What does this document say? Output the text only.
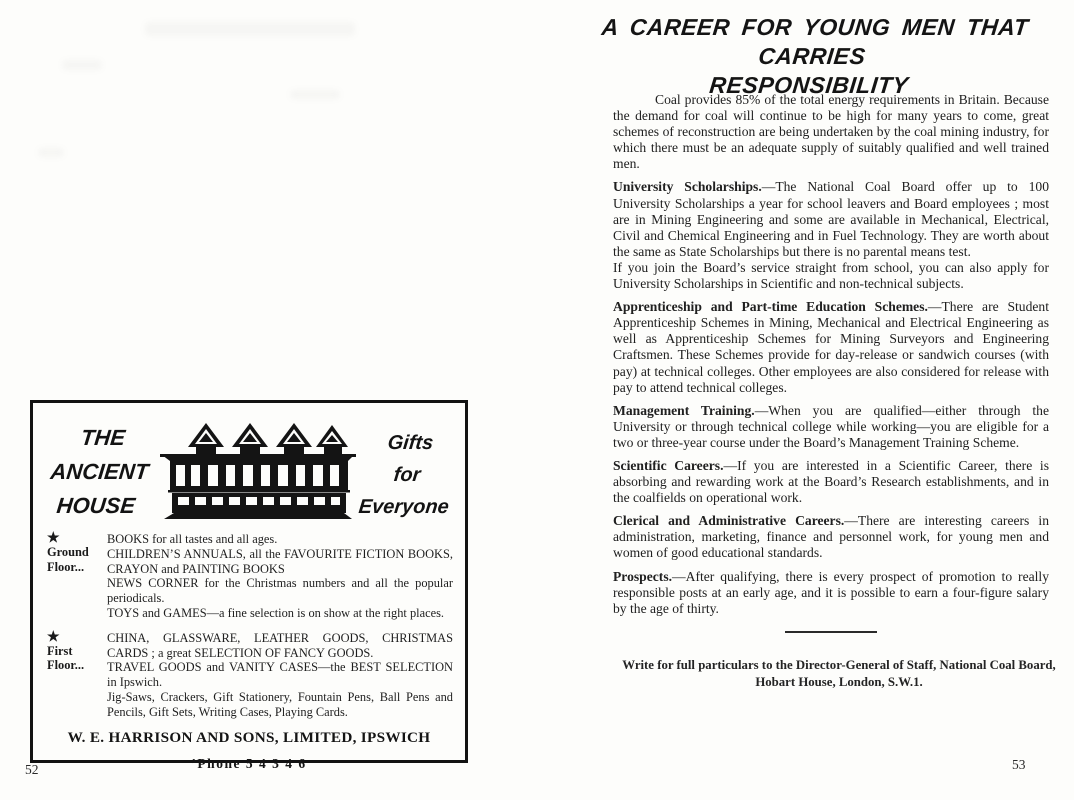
THE
ANCIENT
HOUSE
Gifts
for
Everyone
★
Ground
Floor...

BOOKS for all tastes and all ages.

CHILDREN’S ANNUALS, all the FAVOURITE FICTION BOOKS, CRAYON and PAINTING BOOKS

NEWS CORNER for the Christmas numbers and all the popular periodicals.

TOYS and GAMES—a fine selection is on show at the right places.

★
First
Floor...

CHINA, GLASSWARE, LEATHER GOODS, CHRISTMAS CARDS ; a great SELECTION OF FANCY GOODS.

TRAVEL GOODS and VANITY CASES—the BEST SELECTION in Ipswich.

Jig-Saws, Crackers, Gift Stationery, Fountain Pens, Ball Pens and Pencils, Gift Sets, Writing Cases, Playing Cards.

W. E. HARRISON AND SONS, LIMITED, IPSWICH
’Phone 5 4 3 4 6
52
A CAREER FOR YOUNG MEN THAT CARRIES
RESPONSIBILITY

Coal provides 85% of the total energy requirements in Britain. Because the demand for coal will continue to be high for many years to come, great schemes of reconstruction are being undertaken by the coal mining industry, for which there must be an adequate supply of suitably qualified and well trained men.

University Scholarships.—The National Coal Board offer up to 100 University Scholarships a year for school leavers and Board employees ; most are in Mining Engineering and some are available in Mechanical, Electrical, Civil and Chemical Engineering and in Fuel Technology. They are worth about the same as State Scholarships but there is no parental means test.

If you join the Board’s service straight from school, you can also apply for University Scholarships in Scientific and non-technical subjects.

Apprenticeship and Part-time Education Schemes.—There are Student Apprenticeship Schemes in Mining, Mechanical and Electrical Engineering as well as Apprenticeship Schemes for Mining Surveyors and Engineering Craftsmen. These Schemes provide for day-release or sandwich courses (with pay) at technical colleges. Other employees are also considered for release with pay to attend technical colleges.

Management Training.—When you are qualified—either through the University or through technical college while working—you are eligible for a two or three-year course under the Board’s Management Training Scheme.

Scientific Careers.—If you are interested in a Scientific Career, there is absorbing and rewarding work at the Board’s Research establishments, and in the coalfields on operational work.

Clerical and Administrative Careers.—There are interesting careers in administration, marketing, finance and personnel work, for young men and women of good educational standards.

Prospects.—After qualifying, there is every prospect of promotion to really responsible posts at an early age, and it is possible to earn a four-figure salary by the age of thirty.

Write for full particulars to the Director-General of Staff, National Coal Board, Hobart House, London, S.W.1.
53
